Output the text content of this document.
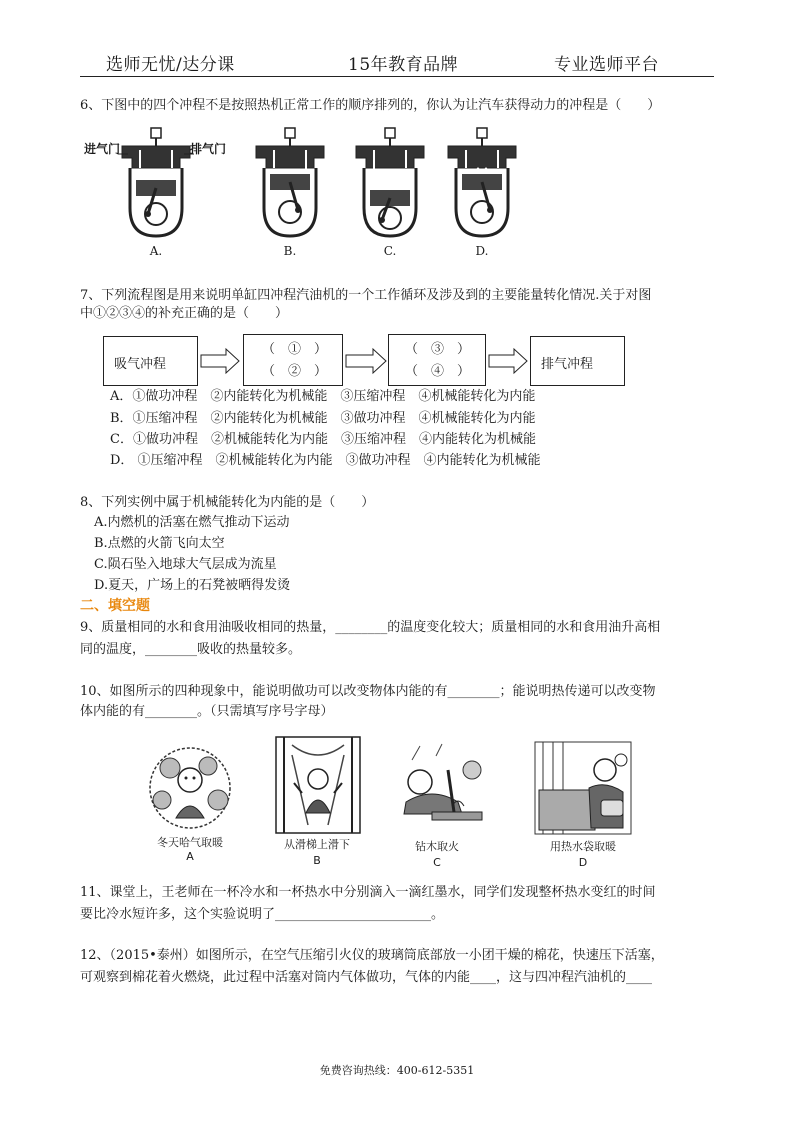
选师无忧/达分课	15年教育品牌	专业选师平台
6、下图中的四个冲程不是按照热机正常工作的顺序排列的，你认为让汽车获得动力的冲程是（　　）
进气门	排气门
A.	B.	C.	D.
7、下列流程图是用来说明单缸四冲程汽油机的一个工作循环及涉及到的主要能量转化情况.关于对图
中①②③④的补充正确的是（　　）
吸气冲程
（　①　）
（　②　）
（　③　）
（　④　）	排气冲程
A．①做功冲程　②内能转化为机械能　③压缩冲程　④机械能转化为内能
B．①压缩冲程　②内能转化为机械能　③做功冲程　④机械能转化为内能
C．①做功冲程　②机械能转化为内能　③压缩冲程　④内能转化为机械能
D． ①压缩冲程　②机械能转化为内能　③做功冲程　④内能转化为机械能
8、下列实例中属于机械能转化为内能的是（　　）
A.内燃机的活塞在燃气推动下运动
B.点燃的火箭飞向太空
C.陨石坠入地球大气层成为流星
D.夏天，广场上的石凳被晒得发烫
二、填空题
9、质量相同的水和食用油吸收相同的热量，________的温度变化较大；质量相同的水和食用油升高相
同的温度，________吸收的热量较多。
10、如图所示的四种现象中，能说明做功可以改变物体内能的有________；能说明热传递可以改变物
体内能的有________。（只需填写序号字母）
冬天哈气取暖	从滑梯上滑下	钻木取火	用热水袋取暖
A	B	C	D
11、课堂上，王老师在一杯冷水和一杯热水中分别滴入一滴红墨水，同学们发现整杯热水变红的时间
要比冷水短许多，这个实验说明了________________________。
12、（2015•泰州）如图所示，在空气压缩引火仪的玻璃筒底部放一小团干燥的棉花，快速压下活塞，
可观察到棉花着火燃烧，此过程中活塞对筒内气体做功，气体的内能____，这与四冲程汽油机的____
免费咨询热线：400-612-5351
